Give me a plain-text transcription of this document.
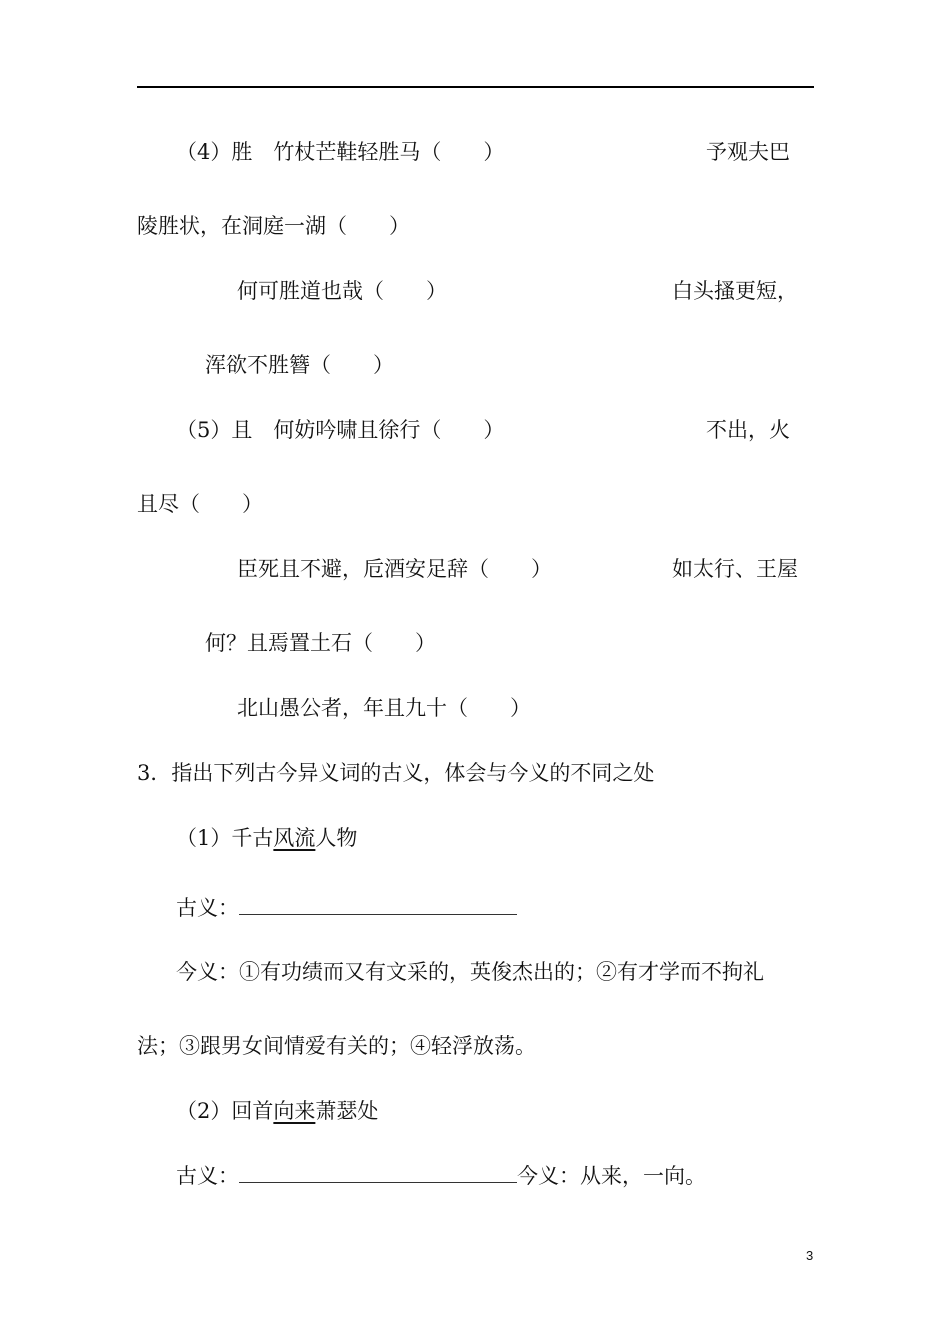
（4）胜　竹杖芒鞋轻胜马（　　）	予观夫巴
陵胜状，在洞庭一湖（　　）
何可胜道也哉（　　）	白头搔更短，
浑欲不胜簪（　　）
（5）且　何妨吟啸且徐行（　　）	不出，火
且尽（　　）
臣死且不避，卮酒安足辞（　　）	如太行、王屋
何？且焉置土石（　　）
北山愚公者，年且九十（　　）
3．指出下列古今异义词的古义，体会与今义的不同之处
（1）千古风流人物
古义：
今义：①有功绩而又有文采的，英俊杰出的；②有才学而不拘礼
法；③跟男女间情爱有关的；④轻浮放荡。
（2）回首向来萧瑟处
古义：	今义：从来，一向。
3
